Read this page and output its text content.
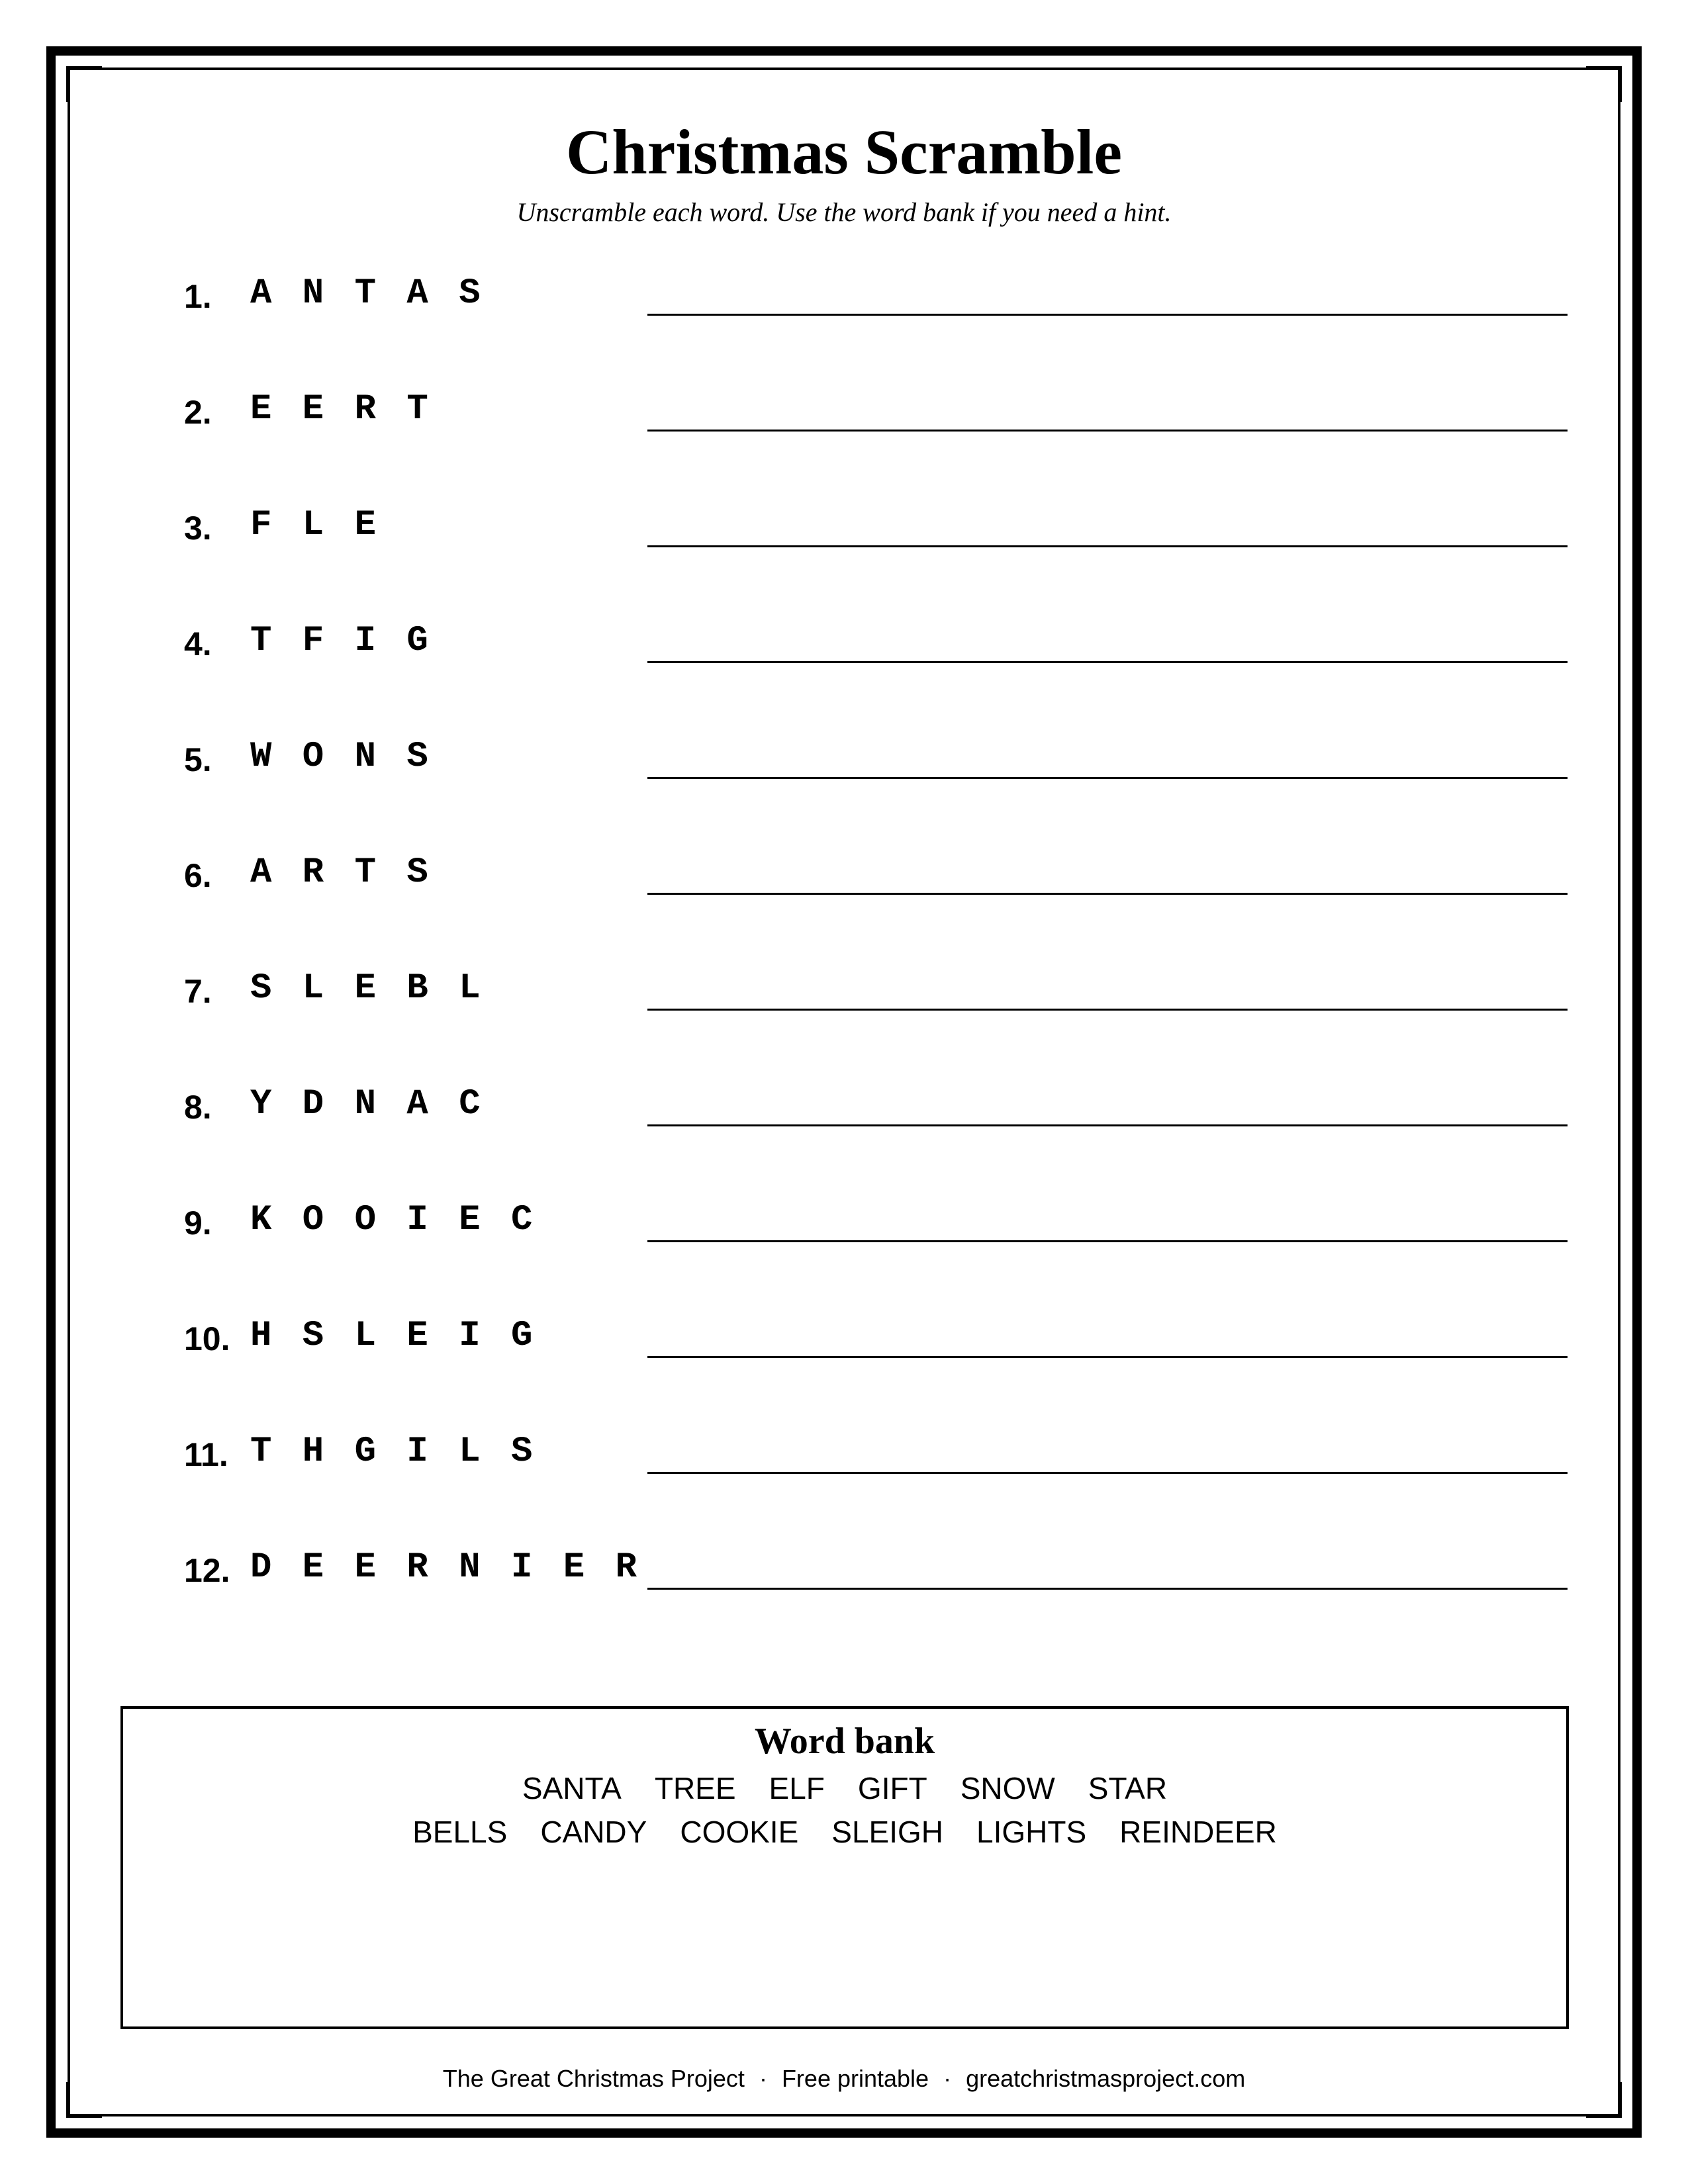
Christmas Scramble
Unscramble each word. Use the word bank if you need a hint.
1. A N T A S
2. E E R T
3. F L E
4. T F I G
5. W O N S
6. A R T S
7. S L E B L
8. Y D N A C
9. K O O I E C
10. H S L E I G
11. T H G I L S
12. D E E R N I E R
Word bank
SANTA TREE ELF GIFT SNOW STAR
BELLS CANDY COOKIE SLEIGH LIGHTS REINDEER
The Great Christmas Project · Free printable · greatchristmasproject.com
